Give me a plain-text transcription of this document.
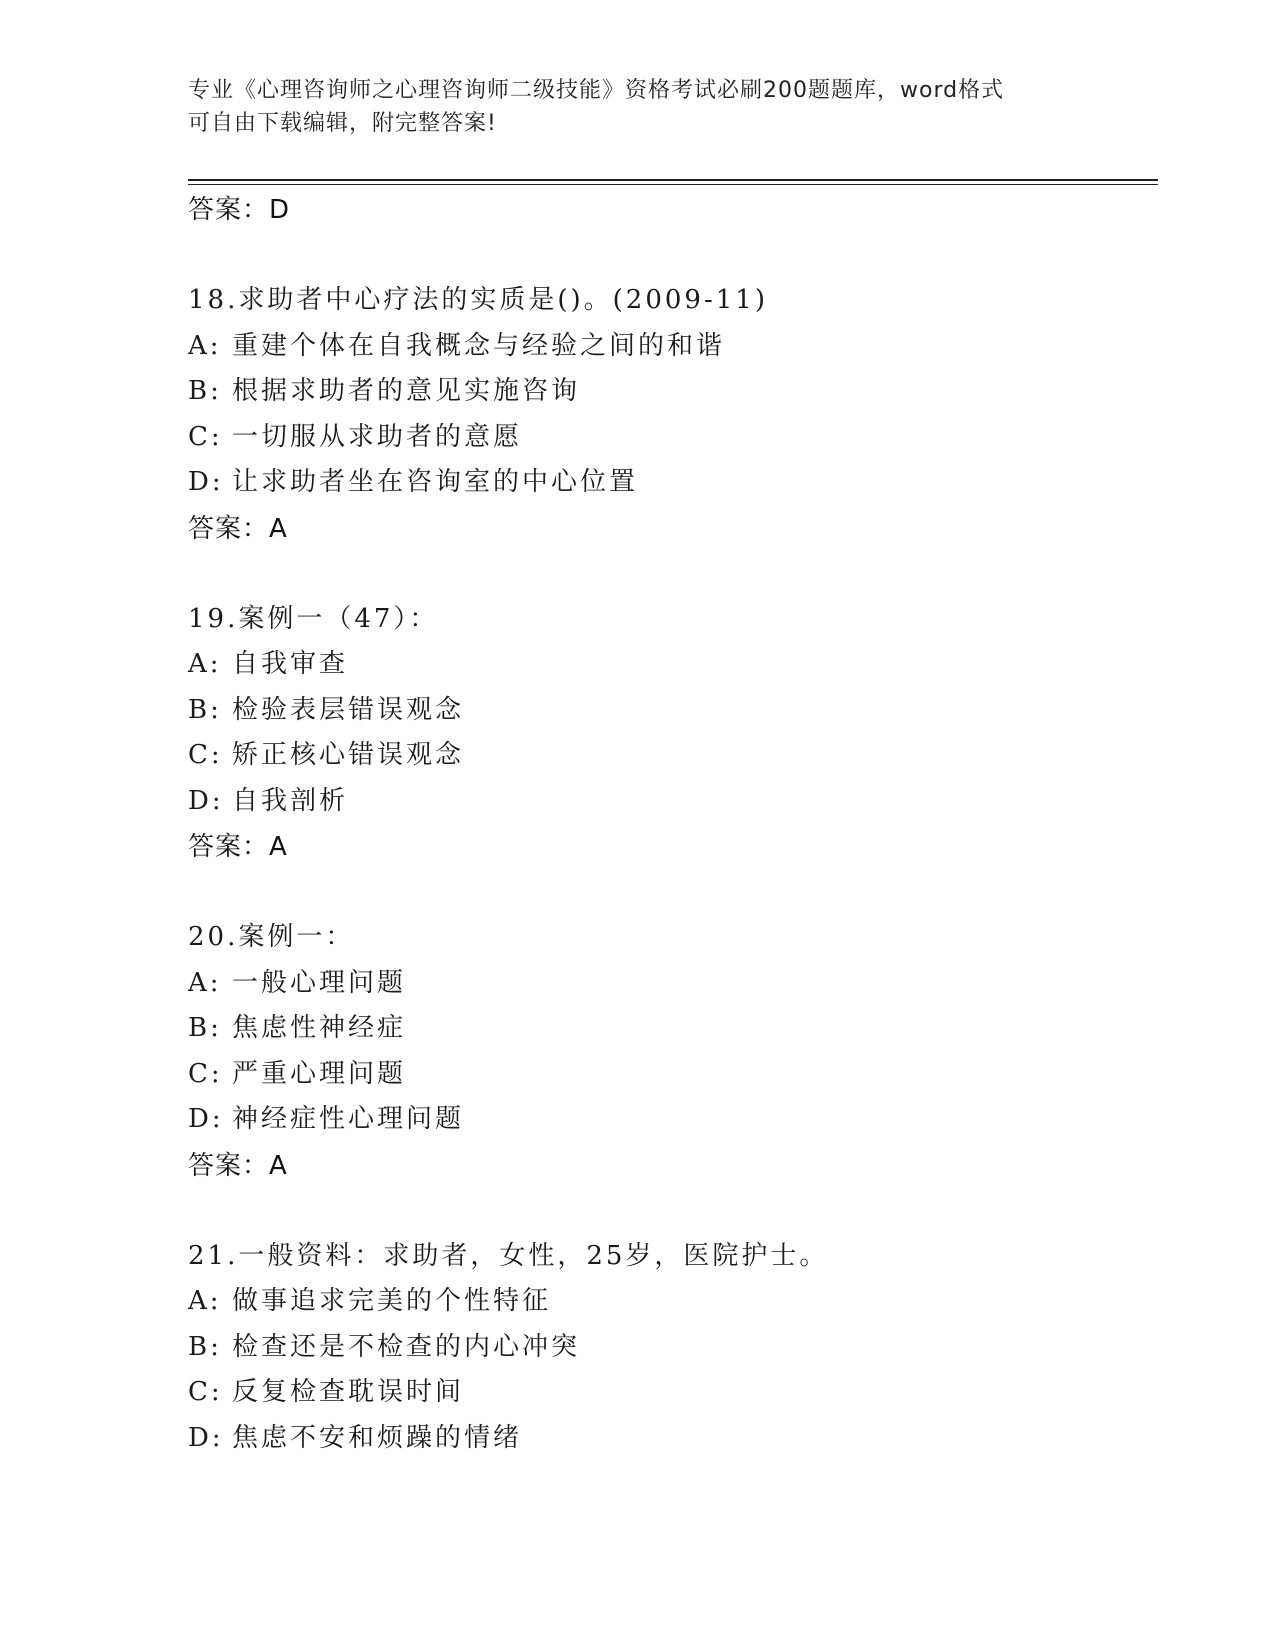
专业《心理咨询师之心理咨询师二级技能》资格考试必刷200题题库，word格式
可自由下载编辑，附完整答案!
答案：D
18.求助者中心疗法的实质是()。(2009-11)
A: 重建个体在自我概念与经验之间的和谐
B: 根据求助者的意见实施咨询
C: 一切服从求助者的意愿
D: 让求助者坐在咨询室的中心位置
答案：A
19.案例一（47）：
A: 自我审查
B: 检验表层错误观念
C: 矫正核心错误观念
D: 自我剖析
答案：A
20.案例一：
A: 一般心理问题
B: 焦虑性神经症
C: 严重心理问题
D: 神经症性心理问题
答案：A
21.一般资料：求助者，女性，25岁，医院护士。
A: 做事追求完美的个性特征
B: 检查还是不检查的内心冲突
C: 反复检查耽误时间
D: 焦虑不安和烦躁的情绪
